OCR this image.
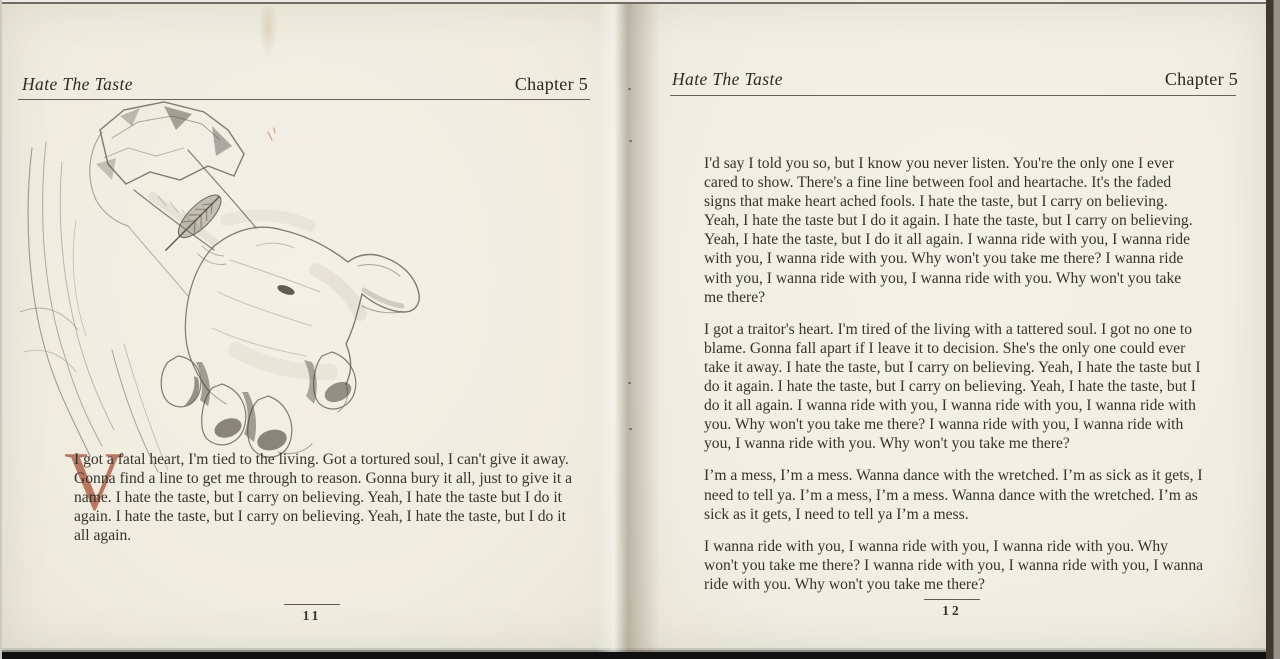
Hate The Taste	Chapter 5
V

I got a fatal heart, I'm tied to the living. Got a tortured soul, I can't give it away. Gonna find a line to get me through to reason. Gonna bury it all, just to give it a name. I hate the taste, but I carry on believing. Yeah, I hate the taste but I do it again. I hate the taste, but I carry on believing. Yeah, I hate the taste, but I do it all again.

11
Hate The Taste	Chapter 5

I'd say I told you so, but I know you never listen. You're the only one I ever cared to show. There's a fine line between fool and heartache. It's the faded signs that make heart ached fools. I hate the taste, but I carry on believing. Yeah, I hate the taste but I do it again. I hate the taste, but I carry on believing. Yeah, I hate the taste, but I do it all again. I wanna ride with you, I wanna ride with you, I wanna ride with you. Why won't you take me there? I wanna ride with you, I wanna ride with you, I wanna ride with you. Why won't you take me there?

I got a traitor's heart. I'm tired of the living with a tattered soul. I got no one to blame. Gonna fall apart if I leave it to decision. She's the only one could ever take it away. I hate the taste, but I carry on believing. Yeah, I hate the taste but I do it again. I hate the taste, but I carry on believing. Yeah, I hate the taste, but I do it all again. I wanna ride with you, I wanna ride with you, I wanna ride with you. Why won't you take me there? I wanna ride with you, I wanna ride with you, I wanna ride with you. Why won't you take me there?

I’m a mess, I’m a mess. Wanna dance with the wretched. I’m as sick as it gets, I need to tell ya. I’m a mess, I’m a mess. Wanna dance with the wretched. I’m as sick as it gets, I need to tell ya I’m a mess.

I wanna ride with you, I wanna ride with you, I wanna ride with you. Why won't you take me there? I wanna ride with you, I wanna ride with you, I wanna ride with you. Why won't you take me there?

12
